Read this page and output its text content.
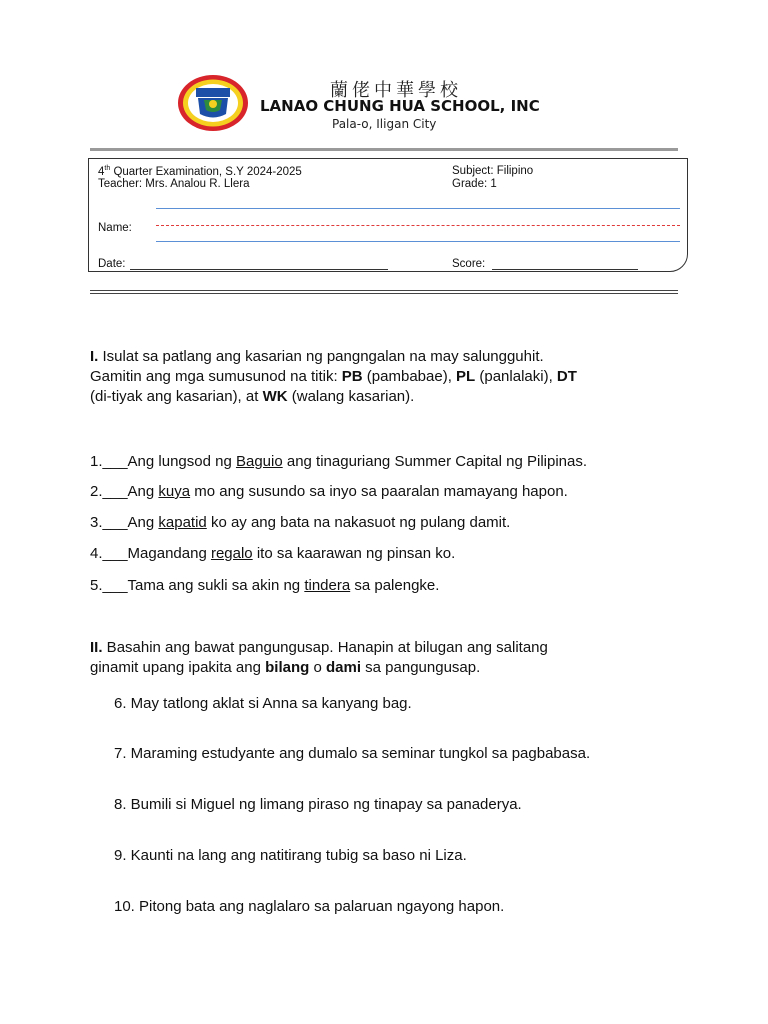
蘭佬中華學校
LANAO CHUNG HUA SCHOOL, INC
Pala-o, Iligan City
4th Quarter Examination, S.Y 2024-2025
Teacher: Mrs. Analou R. Llera
Subject: Filipino
Grade: 1
Name:
Date:	Score:
I. Isulat sa patlang ang kasarian ng pangngalan na may salungguhit.
Gamitin ang mga sumusunod na titik: PB (pambabae), PL (panlalaki), DT
(di-tiyak ang kasarian), at WK (walang kasarian).
1.___Ang lungsod ng Baguio ang tinaguriang Summer Capital ng Pilipinas.
2.___Ang kuya mo ang susundo sa inyo sa paaralan mamayang hapon.
3.___Ang kapatid ko ay ang bata na nakasuot ng pulang damit.
4.___Magandang regalo ito sa kaarawan ng pinsan ko.
5.___Tama ang sukli sa akin ng tindera sa palengke.
II. Basahin ang bawat pangungusap. Hanapin at bilugan ang salitang
ginamit upang ipakita ang bilang o dami sa pangungusap.
6. May tatlong aklat si Anna sa kanyang bag.
7. Maraming estudyante ang dumalo sa seminar tungkol sa pagbabasa.
8. Bumili si Miguel ng limang piraso ng tinapay sa panaderya.
9. Kaunti na lang ang natitirang tubig sa baso ni Liza.
10. Pitong bata ang naglalaro sa palaruan ngayong hapon.
